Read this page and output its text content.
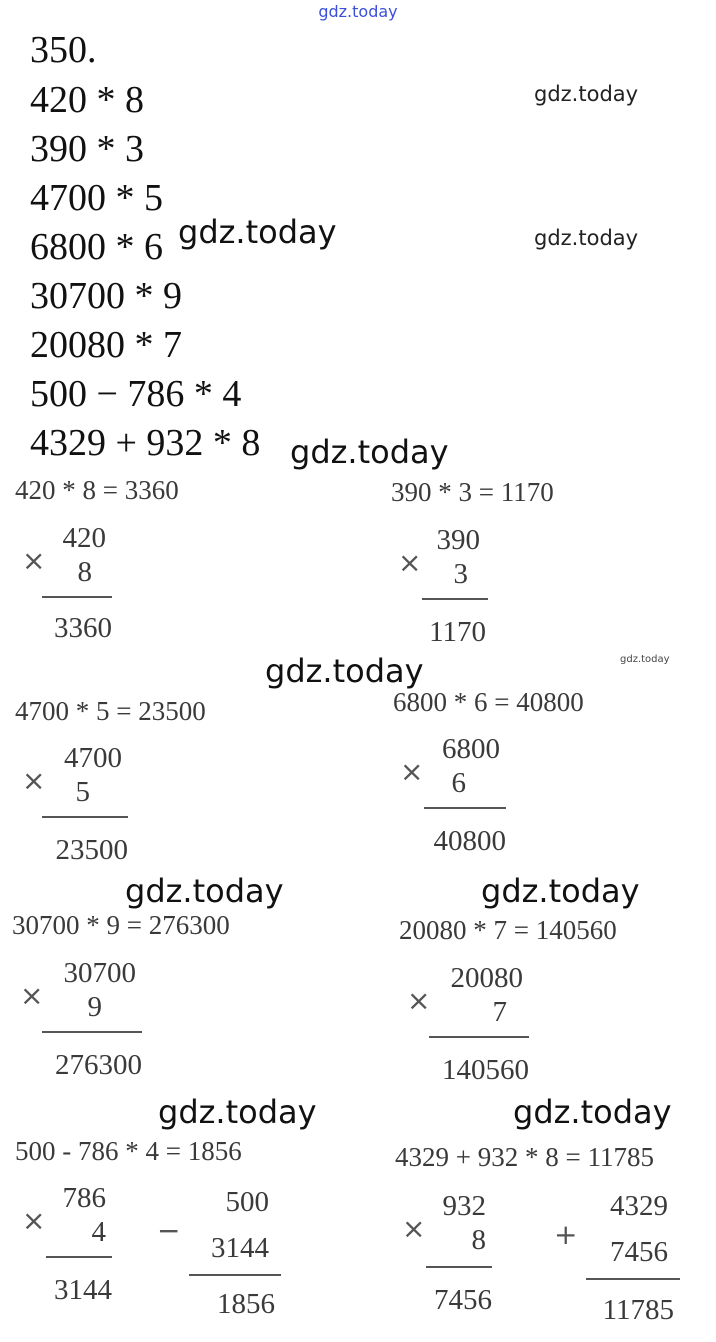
gdz.today
350.
420 * 8
390 * 3
4700 * 5
6800 * 6
30700 * 9
20080 * 7
500 − 786 * 4
4329 + 932 * 8
gdz.today
gdz.today
gdz.today
gdz.today
gdz.today	gdz.today
gdz.today	gdz.today
gdz.today	gdz.today
420 * 8 = 3360
×
420
8
3360
390 * 3 = 1170
×
390
3
1170
4700 * 5 = 23500
×
4700
5
23500
6800 * 6 = 40800
×
6800
6
40800
30700 * 9 = 276300
×
30700
9
276300
20080 * 7 = 140560
×
20080
7
140560
500 - 786 * 4 = 1856
×
786
4
3144
−
500
3144
1856
4329 + 932 * 8 = 11785
×
932
8
7456
+
4329
7456
11785
